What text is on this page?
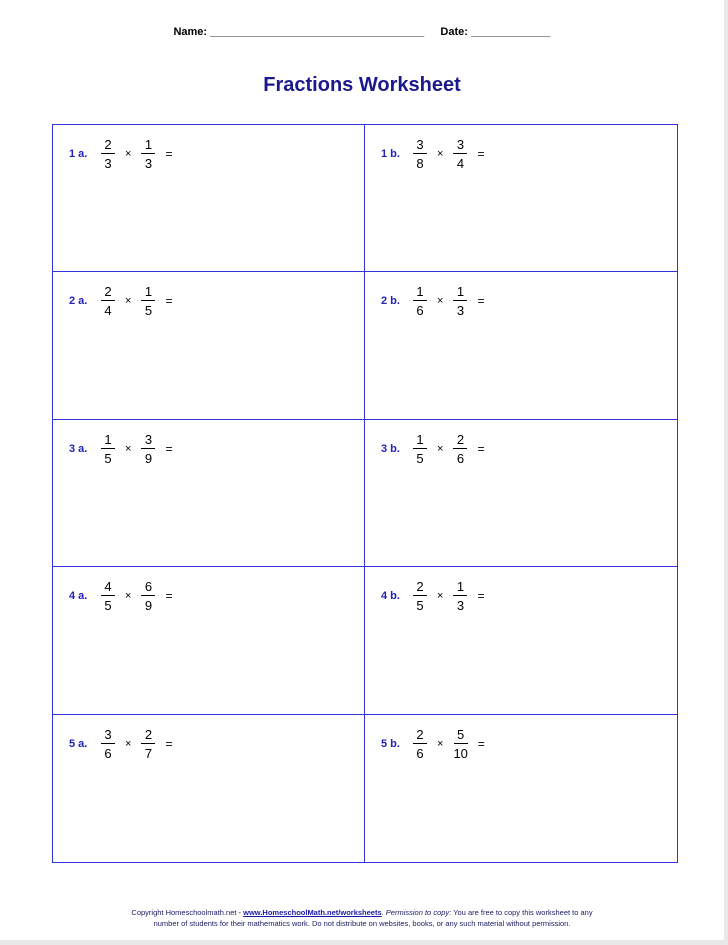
Name: ___________________________________ Date: _____________
Fractions Worksheet
1 a. $\frac{2}{3} \times \frac{1}{3}$ =	1 b. $\frac{3}{8} \times \frac{3}{4}$ =
2 a. $\frac{2}{4} \times \frac{1}{5}$ =	2 b. $\frac{1}{6} \times \frac{1}{3}$ =
3 a. $\frac{1}{5} \times \frac{3}{9}$ =	3 b. $\frac{1}{5} \times \frac{2}{6}$ =
4 a. $\frac{4}{5} \times \frac{6}{9}$ =	4 b. $\frac{2}{5} \times \frac{1}{3}$ =
5 a. $\frac{3}{6} \times \frac{2}{7}$ =	5 b. $\frac{2}{6} \times \frac{5}{10}$ =
Copyright Homeschoolmath.net - www.HomeschoolMath.net/worksheets. Permission to copy: You are free to copy this worksheet to any
number of students for their mathematics work. Do not distribute on websites, books, or any such material without permission.
